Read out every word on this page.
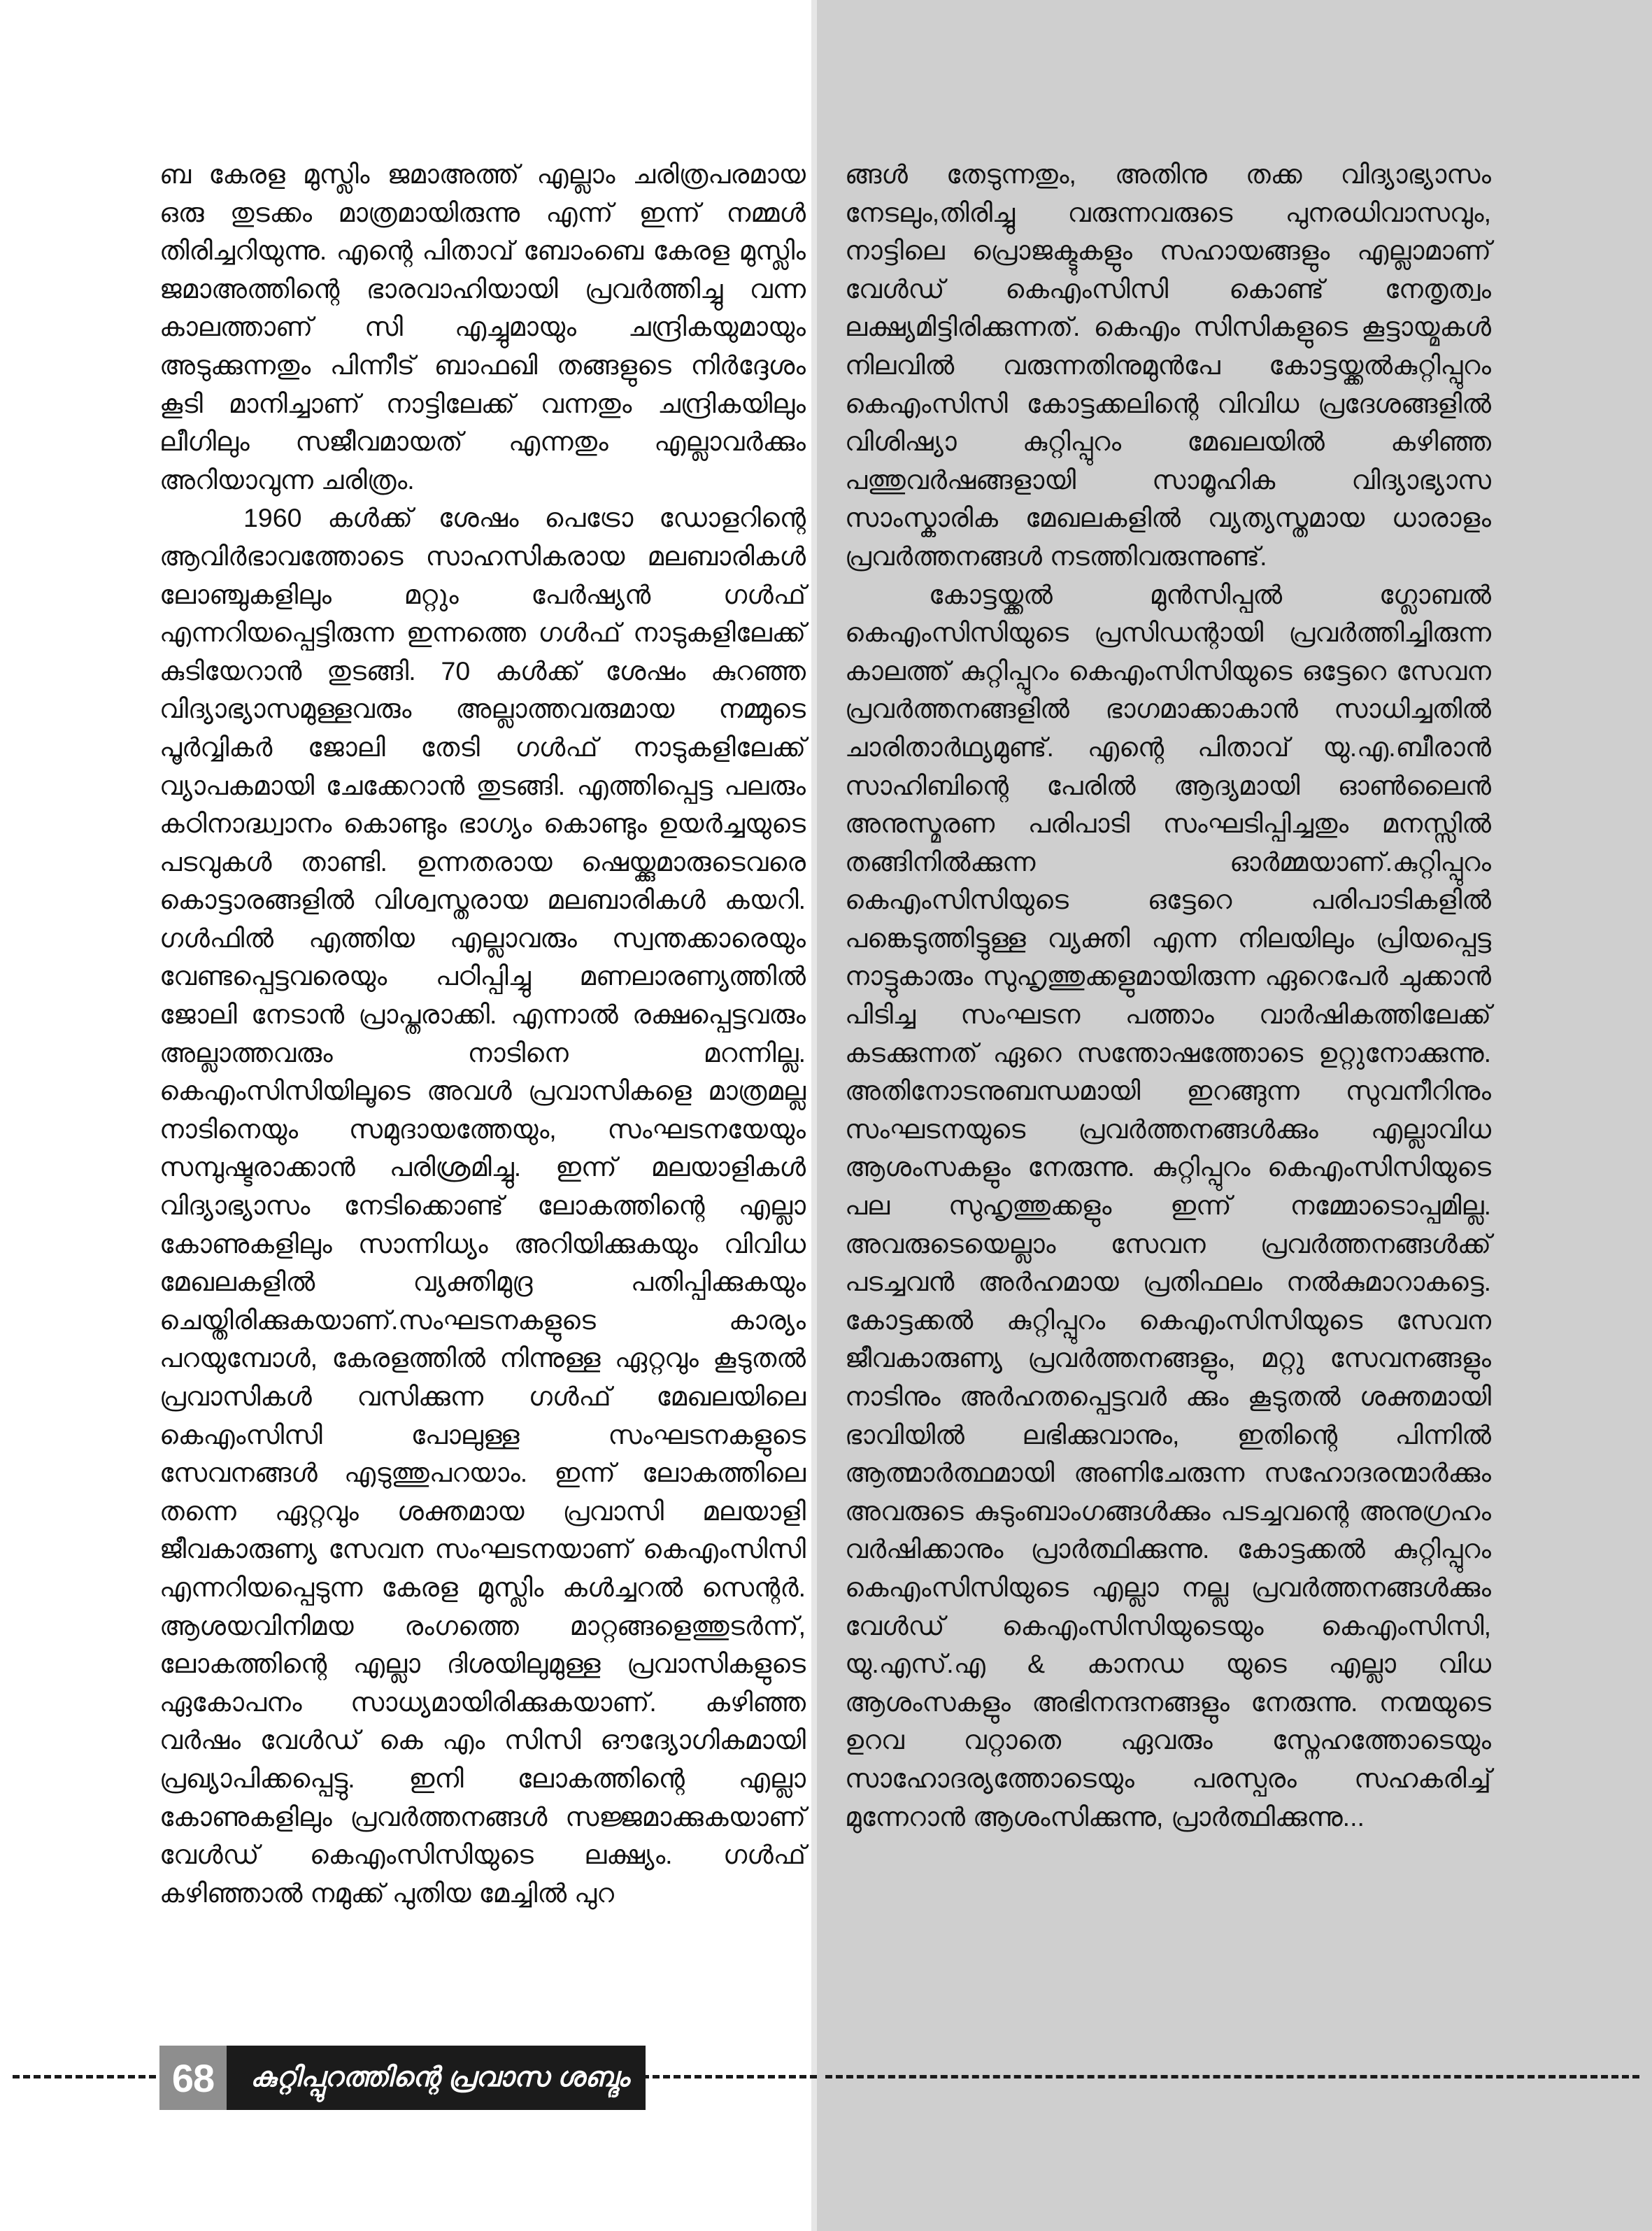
ബ കേരള മുസ്ലിം ജമാഅത്ത് എല്ലാം ചരിത്രപരമായ ഒരു തുടക്കം മാത്രമായിരുന്നു എന്ന് ഇന്ന് നമ്മൾ തിരിച്ചറിയുന്നു. എന്റെ പിതാവ് ബോംബെ കേരള മുസ്ലിം ജമാഅത്തിന്റെ ഭാരവാഹിയായി പ്രവർത്തിച്ചു വന്ന കാലത്താണ് സി എച്ചുമായും ചന്ദ്രികയുമായും അടുക്കുന്നതും പിന്നീട് ബാഫഖി തങ്ങളുടെ നിർദ്ദേശം കൂടി മാനിച്ചാണ് നാട്ടിലേക്ക് വന്നതും ചന്ദ്രികയിലും ലീഗിലും സജീവമായത് എന്നതും എല്ലാവർക്കും അറിയാവുന്ന ചരിത്രം.

1960 കൾക്ക് ശേഷം പെട്രോ ഡോളറിന്റെ ആവിർഭാവത്തോടെ സാഹസികരായ മലബാരികൾ ലോഞ്ചുകളിലും മറ്റും പേർഷ്യൻ ഗൾഫ് എന്നറിയപ്പെട്ടിരുന്ന ഇന്നത്തെ ഗൾഫ് നാടുകളിലേക്ക് കുടിയേറാൻ തുടങ്ങി. 70 കൾക്ക് ശേഷം കുറഞ്ഞ വിദ്യാഭ്യാസമുള്ളവരും അല്ലാത്തവരുമായ നമ്മുടെ പൂർവ്വികർ ജോലി തേടി ഗൾഫ് നാടുകളിലേക്ക് വ്യാപകമായി ചേക്കേറാൻ തുടങ്ങി. എത്തിപ്പെട്ട പലരും കഠിനാദ്ധ്വാനം കൊണ്ടും ഭാഗ്യം കൊണ്ടും ഉയർച്ചയുടെ പടവുകൾ താണ്ടി. ഉന്നതരായ ഷെയ്ക്കുമാരുടെവരെ കൊട്ടാരങ്ങളിൽ വിശ്വസ്തരായ മലബാരികൾ കയറി. ഗൾഫിൽ എത്തിയ എല്ലാവരും സ്വന്തക്കാരെയും വേണ്ടപ്പെട്ടവരെയും പഠിപ്പിച്ചു മണലാരണ്യത്തിൽ ജോലി നേടാൻ പ്രാപ്തരാക്കി. എന്നാൽ രക്ഷപ്പെട്ടവരും അല്ലാത്തവരും നാടിനെ മറന്നില്ല. കെഎംസിസിയിലൂടെ അവൾ പ്രവാസികളെ മാത്രമല്ല നാടിനെയും സമുദായത്തേയും, സംഘടനയേയും സമ്പുഷ്ടരാക്കാൻ പരിശ്രമിച്ചു. ഇന്ന് മലയാളികൾ വിദ്യാഭ്യാസം നേടിക്കൊണ്ട് ലോകത്തിന്റെ എല്ലാ കോണുകളിലും സാന്നിധ്യം അറിയിക്കുകയും വിവിധ മേഖലകളിൽ വ്യക്തിമുദ്ര പതിപ്പിക്കുകയും ചെയ്തിരിക്കുകയാണ്.സംഘടനകളുടെ കാര്യം പറയുമ്പോൾ, കേരളത്തിൽ നിന്നുള്ള ഏറ്റവും കൂടുതൽ പ്രവാസികൾ വസിക്കുന്ന ഗൾഫ് മേഖലയിലെ കെഎംസിസി പോലുള്ള സംഘടനകളുടെ സേവനങ്ങൾ എടുത്തുപറയാം. ഇന്ന് ലോകത്തിലെ തന്നെ ഏറ്റവും ശക്തമായ പ്രവാസി മലയാളി ജീവകാരുണ്യ സേവന സംഘടനയാണ് കെഎംസിസി എന്നറിയപ്പെടുന്ന കേരള മുസ്ലിം കൾച്ചറൽ സെന്റർ. ആശയവിനിമയ രംഗത്തെ മാറ്റങ്ങളെത്തുടർന്ന്, ലോകത്തിന്റെ എല്ലാ ദിശയിലുമുള്ള പ്രവാസികളുടെ ഏകോപനം സാധ്യമായിരിക്കുകയാണ്. കഴിഞ്ഞ വർഷം വേൾഡ് കെ എം സിസി ഔദ്യോഗികമായി പ്രഖ്യാപിക്കപ്പെട്ടു. ഇനി ലോകത്തിന്റെ എല്ലാ കോണുകളിലും പ്രവർത്തനങ്ങൾ സജ്ജമാക്കുകയാണ് വേൾഡ് കെഎംസിസിയുടെ ലക്ഷ്യം. ഗൾഫ് കഴിഞ്ഞാൽ നമുക്ക് പുതിയ മേച്ചിൽ പുറ

ങ്ങൾ തേടുന്നതും, അതിനു തക്ക വിദ്യാഭ്യാസം നേടലും,തിരിച്ചു വരുന്നവരുടെ പുനരധിവാസവും, നാട്ടിലെ പ്രൊജക്ടുകളും സഹായങ്ങളും എല്ലാമാണ് വേൾഡ് കെഎംസിസി കൊണ്ട് നേതൃത്വം ലക്ഷ്യമിട്ടിരിക്കുന്നത്. കെഎം സിസികളുടെ കൂട്ടായ്മകൾ നിലവിൽ വരുന്നതിനുമുൻപേ കോട്ടയ്ക്കൽകുറ്റിപ്പുറം കെഎംസിസി കോട്ടക്കലിന്റെ വിവിധ പ്രദേശങ്ങളിൽ വിശിഷ്യാ കുറ്റിപ്പുറം മേഖലയിൽ കഴിഞ്ഞ പത്തുവർഷങ്ങളായി സാമൂഹിക വിദ്യാഭ്യാസ സാംസ്കാരിക മേഖലകളിൽ വ്യത്യസ്തമായ ധാരാളം പ്രവർത്തനങ്ങൾ നടത്തിവരുന്നുണ്ട്.

കോട്ടയ്ക്കൽ മുൻസിപ്പൽ ഗ്ലോബൽ കെഎംസിസിയുടെ പ്രസിഡന്റായി പ്രവർത്തിച്ചിരുന്ന കാലത്ത് കുറ്റിപ്പുറം കെഎംസിസിയുടെ ഒട്ടേറെ സേവന പ്രവർത്തനങ്ങളിൽ ഭാഗമാക്കാകാൻ സാധിച്ചതിൽ ചാരിതാർഥ്യമുണ്ട്. എന്റെ പിതാവ് യു.എ.ബീരാൻ സാഹിബിന്റെ പേരിൽ ആദ്യമായി ഓൺലൈൻ അനുസ്മരണ പരിപാടി സംഘടിപ്പിച്ചതും മനസ്സിൽ തങ്ങിനിൽക്കുന്ന ഓർമ്മയാണ്.കുറ്റിപ്പുറം കെഎംസിസിയുടെ ഒട്ടേറെ പരിപാടികളിൽ പങ്കെടുത്തിട്ടുള്ള വ്യക്തി എന്ന നിലയിലും പ്രിയപ്പെട്ട നാട്ടുകാരും സുഹൃത്തുക്കളുമായിരുന്ന ഏറെപേർ ചുക്കാൻ പിടിച്ച സംഘടന പത്താം വാർഷികത്തിലേക്ക് കടക്കുന്നത് ഏറെ സന്തോഷത്തോടെ ഉറ്റുനോക്കുന്നു. അതിനോടനുബന്ധമായി ഇറങ്ങുന്ന സുവനീറിനും സംഘടനയുടെ പ്രവർത്തനങ്ങൾക്കും എല്ലാവിധ ആശംസകളും നേരുന്നു. കുറ്റിപ്പുറം കെഎംസിസിയുടെ പല സുഹൃത്തുക്കളും ഇന്ന് നമ്മോടൊപ്പമില്ല. അവരുടെയെല്ലാം സേവന പ്രവർത്തനങ്ങൾക്ക് പടച്ചവൻ അർഹമായ പ്രതിഫലം നൽകുമാറാകട്ടെ. കോട്ടക്കൽ കുറ്റിപ്പുറം കെഎംസിസിയുടെ സേവന ജീവകാരുണ്യ പ്രവർത്തനങ്ങളും, മറ്റു സേവനങ്ങളും നാടിനും അർഹതപ്പെട്ടവർ ക്കും കൂടുതൽ ശക്തമായി ഭാവിയിൽ ലഭിക്കുവാനും, ഇതിന്റെ പിന്നിൽ ആത്മാർത്ഥമായി അണിചേരുന്ന സഹോദരന്മാർക്കും അവരുടെ കുടുംബാംഗങ്ങൾക്കും പടച്ചവന്റെ അനുഗ്രഹം വർഷിക്കാനും പ്രാർത്ഥിക്കുന്നു. കോട്ടക്കൽ കുറ്റിപ്പുറം കെഎംസിസിയുടെ എല്ലാ നല്ല പ്രവർത്തനങ്ങൾക്കും വേൾഡ് കെഎംസിസിയുടെയും കെഎംസിസി, യു.എസ്.എ & കാനഡ യുടെ എല്ലാ വിധ ആശംസകളും അഭിനന്ദനങ്ങളും നേരുന്നു. നന്മയുടെ ഉറവ വറ്റാതെ ഏവരും സ്നേഹത്തോടെയും സാഹോദര്യത്തോടെയും പരസ്പരം സഹകരിച്ച് മുന്നേറാൻ ആശംസിക്കുന്നു, പ്രാർത്ഥിക്കുന്നു...

68	കുറ്റിപ്പുറത്തിന്റെ പ്രവാസ ശബ്ദം
